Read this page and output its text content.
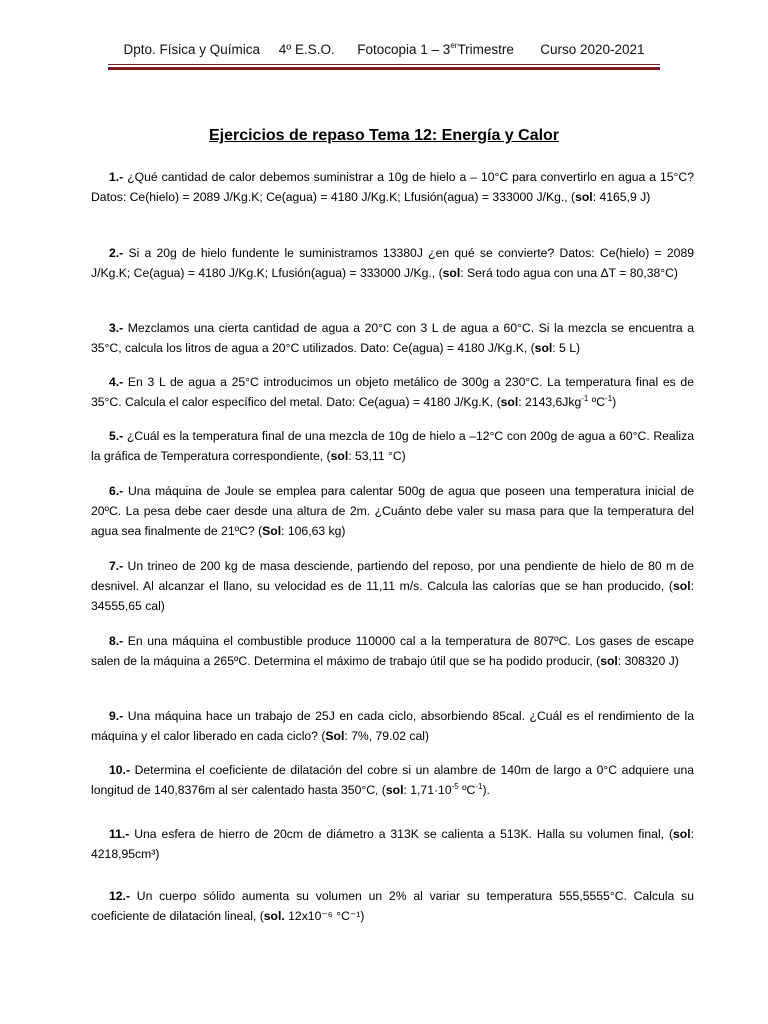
Dpto. Física y Química 4º E.S.O. Fotocopia 1 – 3erTrimestre Curso 2020-2021
Ejercicios de repaso Tema 12: Energía y Calor

1.- ¿Qué cantidad de calor debemos suministrar a 10g de hielo a – 10°C para convertirlo en agua a 15°C? Datos: Ce(hielo) = 2089 J/Kg.K; Ce(agua) = 4180 J/Kg.K; Lfusión(agua) = 333000 J/Kg., (sol: 4165,9 J)

2.- Si a 20g de hielo fundente le suministramos 13380J ¿en qué se convierte? Datos: Ce(hielo) = 2089 J/Kg.K; Ce(agua) = 4180 J/Kg.K; Lfusión(agua) = 333000 J/Kg., (sol: Será todo agua con una ΔT = 80,38°C)

3.- Mezclamos una cierta cantidad de agua a 20°C con 3 L de agua a 60°C. Si la mezcla se encuentra a 35°C, calcula los litros de agua a 20°C utilizados. Dato: Ce(agua) = 4180 J/Kg.K, (sol: 5 L)

4.- En 3 L de agua a 25°C introducimos un objeto metálico de 300g a 230°C. La temperatura final es de 35°C. Calcula el calor específico del metal. Dato: Ce(agua) = 4180 J/Kg.K, (sol: 2143,6Jkg$^{-1}$ ºC$^{-1}$)

5.- ¿Cuál es la temperatura final de una mezcla de 10g de hielo a –12°C con 200g de agua a 60°C. Realiza la gráfica de Temperatura correspondiente, (sol: 53,11 °C)

6.- Una máquina de Joule se emplea para calentar 500g de agua que poseen una temperatura inicial de 20ºC. La pesa debe caer desde una altura de 2m. ¿Cuánto debe valer su masa para que la temperatura del agua sea finalmente de 21ºC? (Sol: 106,63 kg)

7.- Un trineo de 200 kg de masa desciende, partiendo del reposo, por una pendiente de hielo de 80 m de desnivel. Al alcanzar el llano, su velocidad es de 11,11 m/s. Calcula las calorías que se han producido, (sol: 34555,65 cal)

8.- En una máquina el combustible produce 110000 cal a la temperatura de 807ºC. Los gases de escape salen de la máquina a 265ºC. Determina el máximo de trabajo útil que se ha podido producir, (sol: 308320 J)

9.- Una máquina hace un trabajo de 25J en cada ciclo, absorbiendo 85cal. ¿Cuál es el rendimiento de la máquina y el calor liberado en cada ciclo? (Sol: 7%, 79.02 cal)

10.- Determina el coeficiente de dilatación del cobre si un alambre de 140m de largo a 0°C adquiere una longitud de 140,8376m al ser calentado hasta 350°C, (sol: $1,71\cdot 10^{-5}$ ºC$^{-1}$).

11.- Una esfera de hierro de 20cm de diámetro a 313K se calienta a 513K. Halla su volumen final, (sol: 4218,95cm³)

12.- Un cuerpo sólido aumenta su volumen un 2% al variar su temperatura 555,5555°C. Calcula su coeficiente de dilatación lineal, (sol. 12x10⁻⁶ °C⁻¹)
